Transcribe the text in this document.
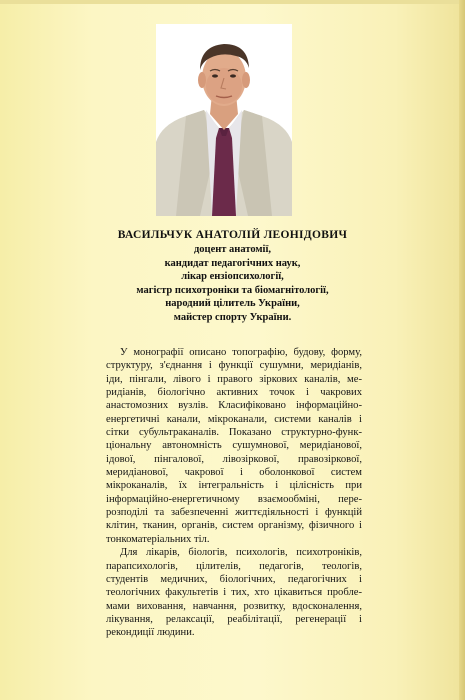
ВАСИЛЬЧУК АНАТОЛІЙ ЛЕОНІДОВИЧ

доцент анатомії,

кандидат педагогічних наук,

лікар ензіопсихології,

магістр психотроніки та біомагнітології,

народний цілитель України,

майстер спорту України.

У монографії описано топографію, будову, форму,
структуру, з'єднання і функції сушумни, меридіанів,
іди, пінгали, лівого і правого зіркових каналів, ме-
ридіанів, біологічно активних точок і чакрових
анастомозних вузлів. Класифіковано інформаційно-
енергетичні канали, мікроканали, системи каналів і
сітки субультраканалів. Показано структурно-функ-
ціональну автономність сушумнової, меридіанової,
ідової, пінгалової, лівозіркової, правозіркової,
меридіанової, чакрової і оболонкової систем
мікроканалів, їх інтегральність і цілісність при
інформаційно-енергетичному взаємообміні, пере-
розподілі та забезпеченні життєдіяльності і функцій
клітин, тканин, органів, систем організму, фізичного і
тонкоматеріальних тіл.
Для лікарів, біологів, психологів, психотроніків,
парапсихологів, цілителів, педагогів, теологів,
студентів медичних, біологічних, педагогічних і
теологічних факультетів і тих, хто цікавиться пробле-
мами виховання, навчання, розвитку, вдосконалення,
лікування, релаксації, реабілітації, регенерації і
рекондиції людини.
